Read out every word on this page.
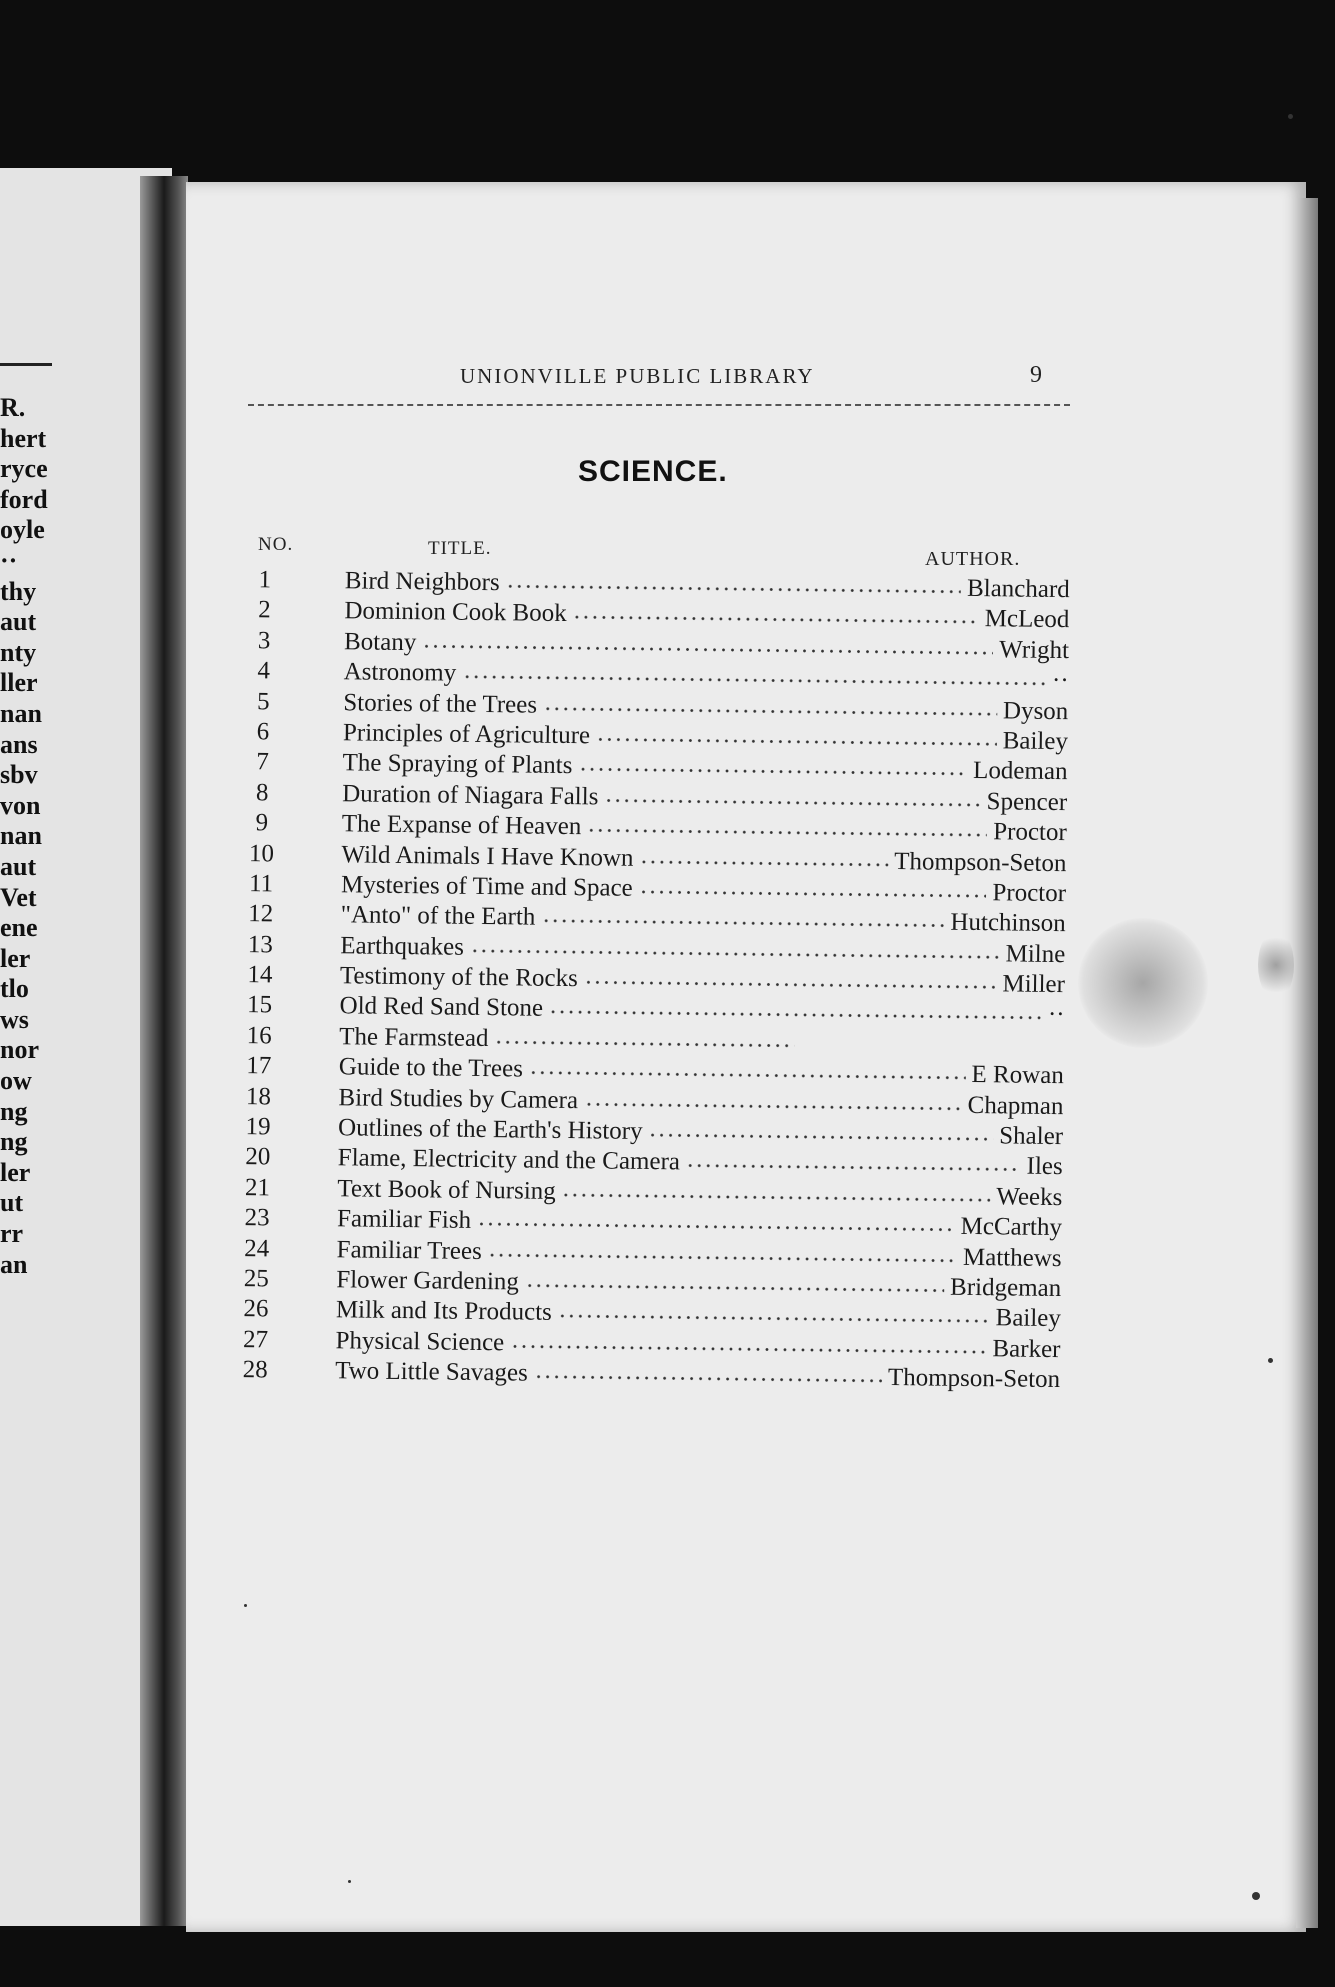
R.
hert
ryce
ford
oyle
··
thy
aut
nty
ller
nan
ans
sbv
von
nan
aut
Vet
ene
ler
tlo
ws
nor
ow
ng
ng
ler
ut
rr
an
UNIONVILLE PUBLIC LIBRARY	9
SCIENCE.
NO.	TITLE.	AUTHOR.
1	Bird Neighbors	Blanchard
2	Dominion Cook Book	McLeod
3	Botany	Wright
4	Astronomy	··
5	Stories of the Trees	Dyson
6	Principles of Agriculture	Bailey
7	The Spraying of Plants	Lodeman
8	Duration of Niagara Falls	Spencer
9	The Expanse of Heaven	Proctor
10	Wild Animals I Have Known	Thompson-Seton
11	Mysteries of Time and Space	Proctor
12	"Anto" of the Earth	Hutchinson
13	Earthquakes	Milne
14	Testimony of the Rocks	Miller
15	Old Red Sand Stone	··
16	The Farmstead
17	Guide to the Trees	E Rowan
18	Bird Studies by Camera	Chapman
19	Outlines of the Earth's History	Shaler
20	Flame, Electricity and the Camera	Iles
21	Text Book of Nursing	Weeks
23	Familiar Fish	McCarthy
24	Familiar Trees	Matthews
25	Flower Gardening	Bridgeman
26	Milk and Its Products	Bailey
27	Physical Science	Barker
28	Two Little Savages	Thompson-Seton
